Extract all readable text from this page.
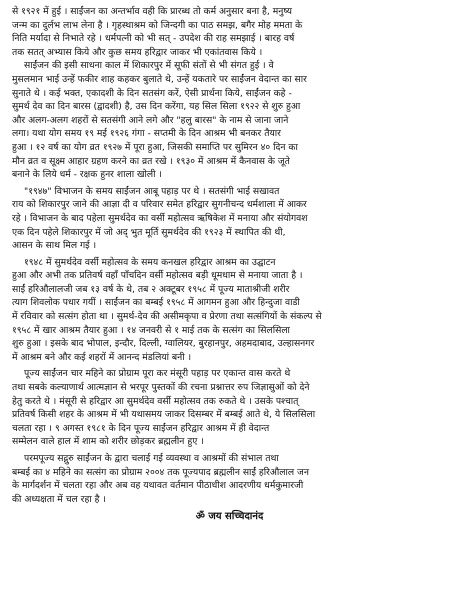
से १९२१ में हुई । साईंजन का अन्तर्भाव वही कि प्रारब्ध तो कर्म अनुसार बना है, मनुष्य
जन्म का दुर्लभ लाभ लेना है । गृहस्थाश्रम को जिन्दगी का पाठ समझ, बगैर मोह ममता के
निति मर्यादा से निभाते रहे । धर्मपत्नी को भी सत् - उपदेश की राह समझाई । बारह वर्ष
तक सतत् अभ्यास किये और कुछ समय हरिद्वार जाकर भी एकांतवास किये ।

साईंजन की इसी साधना काल में शिकारपुर में सूफी संतों से भी संगत हुई । वे
मुसलमान भाई उन्हें फकीर शाह कहकर बुलाते थे, उन्हें यकतारे पर साईंजन वेदान्त का सार
सुनाते थे । कई भक्त, एकादशी के दिन सतसंग करें, ऐसी प्रार्थना किये, साईंजन कहे -
सुमर्थ देव का दिन बारस (द्वादशी) है, उस दिन करेंगा, यह सिल सिला १९२२ से शुरु हुआ
और अलग-अलग शहरों से सतसंगी आने लगे और "हलु बारस" के नाम से जाना जाने
लगा। यथा योग समय १९ मई १९२६ गंगा - सप्तमी के दिन आश्रम भी बनकर तैयार
हुआ । १२ वर्ष का योग व्रत १९२७ में पूरा हुआ, जिसकी समाप्ति पर सुमिरन ४० दिन का
मौन व्रत व सूक्ष्म आहार ग्रहण करने का व्रत रखे । १९३० में आश्रम में कैनवास के जूते
बनाने के लिये धर्म - रक्षक हुनर शाला खोली ।

"१९४७" विभाजन के समय साईंजन आबू पहाड़ पर थे । सतसंगी भाई सखावत
राय को शिकारपुर जाने की आज्ञा दी व परिवार समेत हरिद्वार सुगनीचन्द धर्मशाला में आकर
रहे । विभाजन के बाद पहेला सुमर्थदेव का वर्सी महोत्सव ऋषिकेश में मनाया और संयोगवश
एक दिन पहेले शिकारपुर में जो अद् भुत मूर्ति सुमर्थदेव की १९२३ में स्थापित की थी,
आसन के साथ मिल गई ।

१९४८ में सुमर्थदेव वर्सी महोत्सव के समय कनखल हरिद्वार आश्रम का उद्घाटन
हुआ और अभी तक प्रतिवर्ष वहाँ पाँचदिन वर्सी महोत्सव बड़ी धूमधाम से मनाया जाता है ।
साईं हरिऔलालजी जब १३ वर्ष के थे, तब २ अक्टूबर १९५८ में पूज्य माताश्रीजी शरीर
त्याग शिवलोक पधार गयीं । साईंजन का बम्बई १९५८ में आगमन हुआ और हिन्दुजा वाडी
में रविवार को सत्संग होता था । सुमर्थ-देव की असीमकृपा व प्रेरणा तथा सत्संगियों के संकल्प से
१९५८ में खार आश्रम तैयार हुआ । १४ जनवरी से १ माई तक के सत्संग का सिलसिला
शुरु हुआ । इसके बाद भोपाल, इन्दौर, दिल्ली, ग्वालियर, बुरहानपुर, अहमदाबाद, उल्हासनगर
में आश्रम बने और कई शहरों में आनन्द मंडलियां बनी ।

पूज्य साईंजन चार महिने का प्रोग्राम पूरा कर मंसूरी पहाड़ पर एकान्त वास करते थे
तथा सबके कल्याणार्थ आत्मज्ञान से भरपूर पुस्तकों की रचना प्रश्नात्तर रुप जिज्ञासुओं को देने
हेतु करते थे । मंसूरी से हरिद्वार आ सुमर्थदेव वर्सी महोत्सव तक रुकते थे । उसके पश्चात्
प्रतिवर्ष किसी शहर के आश्रम में भी यथासमय जाकर दिसम्बर में बम्बई आते थे, ये सिलसिला
चलता रहा । ९ अगस्त १९८१ के दिन पूज्य साईंजन हरिद्वार आश्रम में ही वेदान्त
सम्मेलन वाले हाल में शाम को शरीर छोड़कर ब्रह्मलीन हुए ।

परमपूज्य सद्गुरु साईंजन के द्वारा चलाई गई व्यवस्था व आश्रमों की संभाल तथा
बम्बई का ४ महिने का सत्संग का प्रोग्राम २००४ तक पूज्यपाद ब्रह्मलीन साईं हरिऔलाल जन
के मार्गदर्शन में चलता रहा और अब वह यथावत वर्तमान पीठाधीश आदरणीय धर्मकुमारजी
की अध्यक्षता में चल रहा है ।

ॐ जय सच्चिदानंद
